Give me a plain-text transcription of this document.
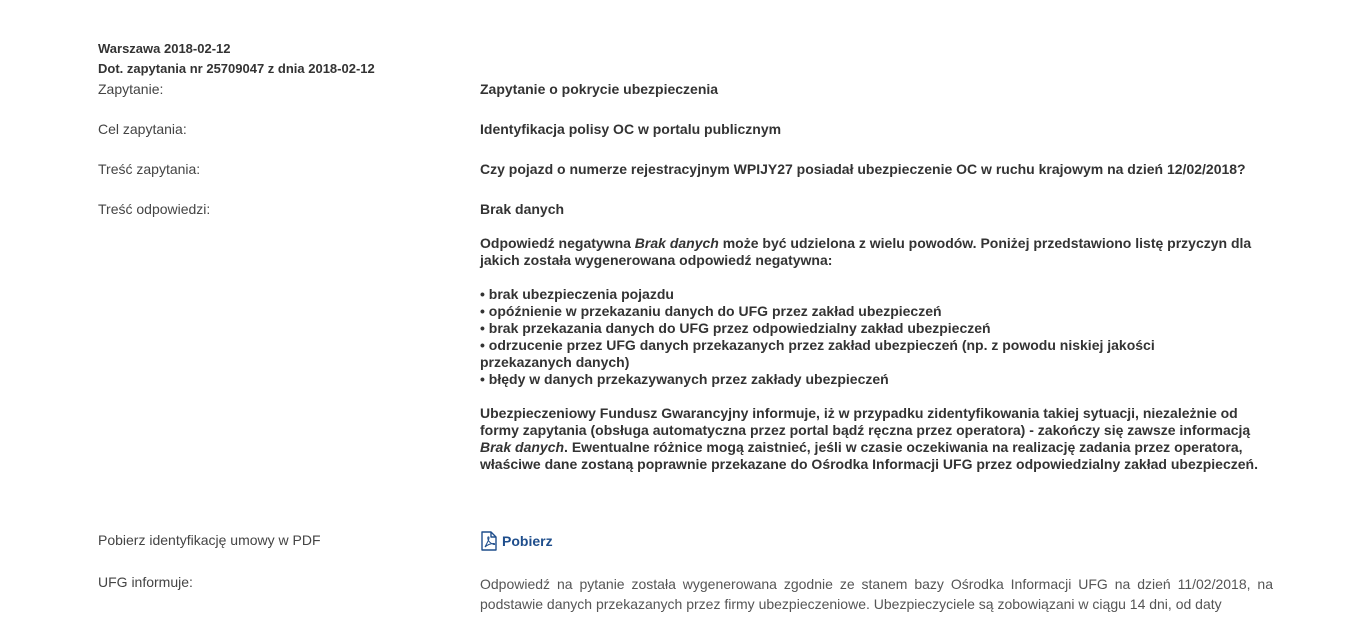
Warszawa 2018-02-12
Dot. zapytania nr 25709047 z dnia 2018-02-12
Zapytanie:	Zapytanie o pokrycie ubezpieczenia
Cel zapytania:	Identyfikacja polisy OC w portalu publicznym
Treść zapytania:	Czy pojazd o numerze rejestracyjnym WPIJY27 posiadał ubezpieczenie OC w ruchu krajowym na dzień 12/02/2018?
Treść odpowiedzi:	Brak danych

Odpowiedź negatywna Brak danych może być udzielona z wielu powodów. Poniżej przedstawiono listę przyczyn dla jakich została wygenerowana odpowiedź negatywna:

• brak ubezpieczenia pojazdu
• opóźnienie w przekazaniu danych do UFG przez zakład ubezpieczeń
• brak przekazania danych do UFG przez odpowiedzialny zakład ubezpieczeń
• odrzucenie przez UFG danych przekazanych przez zakład ubezpieczeń (np. z powodu niskiej jakości przekazanych danych)
• błędy w danych przekazywanych przez zakłady ubezpieczeń

Ubezpieczeniowy Fundusz Gwarancyjny informuje, iż w przypadku zidentyfikowania takiej sytuacji, niezależnie od formy zapytania (obsługa automatyczna przez portal bądź ręczna przez operatora) - zakończy się zawsze informacją Brak danych. Ewentualne różnice mogą zaistnieć, jeśli w czasie oczekiwania na realizację zadania przez operatora, właściwe dane zostaną poprawnie przekazane do Ośrodka Informacji UFG przez odpowiedzialny zakład ubezpieczeń.

Pobierz identyfikację umowy w PDF	Pobierz
UFG informuje:	Odpowiedź na pytanie została wygenerowana zgodnie ze stanem bazy Ośrodka Informacji UFG na dzień 11/02/2018, na podstawie danych przekazanych przez firmy ubezpieczeniowe. Ubezpieczyciele są zobowiązani w ciągu 14 dni, od daty
